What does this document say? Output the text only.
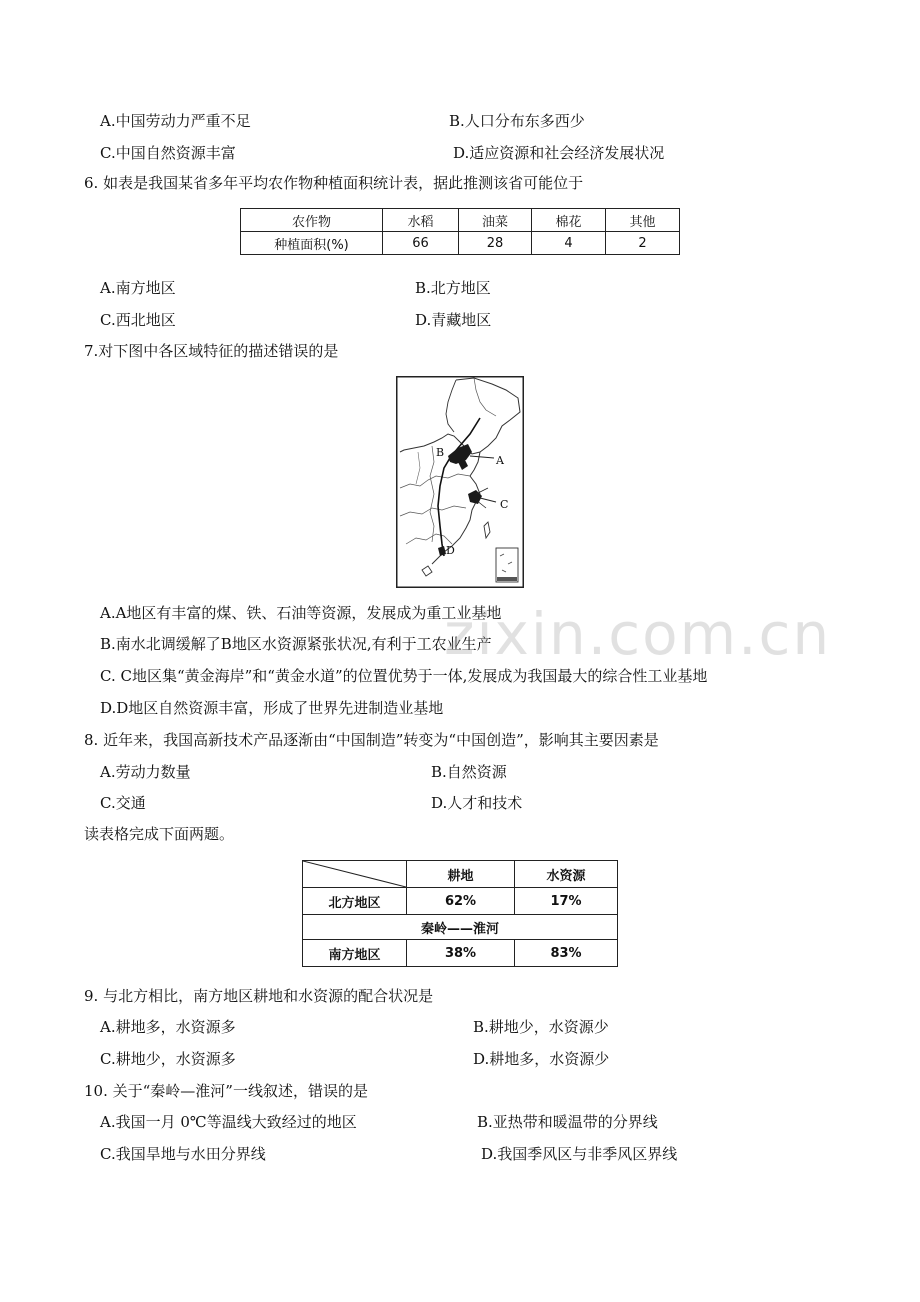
A.中国劳动力严重不足	B.人口分布东多西少
C.中国自然资源丰富	D.适应资源和社会经济发展状况
6. 如表是我国某省多年平均农作物种植面积统计表，据此推测该省可能位于
农作物	水稻	油菜	棉花	其他
种植面积(%)	66	28	4	2
A.南方地区	B.北方地区
C.西北地区	D.青藏地区
7.对下图中各区域特征的描述错误的是
A
B
C
D
A.A地区有丰富的煤、铁、石油等资源，发展成为重工业基地
B.南水北调缓解了B地区水资源紧张状况,有利于工农业生产
C. C地区集“黄金海岸”和“黄金水道”的位置优势于一体,发展成为我国最大的综合性工业基地
D.D地区自然资源丰富，形成了世界先进制造业基地
zixin.com.cn
8. 近年来，我国高新技术产品逐渐由“中国制造”转变为“中国创造”，影响其主要因素是
A.劳动力数量	B.自然资源
C.交通	D.人才和技术
读表格完成下面两题。
	耕地	水资源
北方地区	62%	17%
秦岭——淮河		
南方地区	38%	83%
9. 与北方相比，南方地区耕地和水资源的配合状况是
A.耕地多，水资源多	B.耕地少，水资源少
C.耕地少，水资源多	D.耕地多，水资源少
10. 关于“秦岭—淮河”一线叙述，错误的是
A.我国一月 0℃等温线大致经过的地区	B.亚热带和暖温带的分界线
C.我国旱地与水田分界线	D.我国季风区与非季风区界线
